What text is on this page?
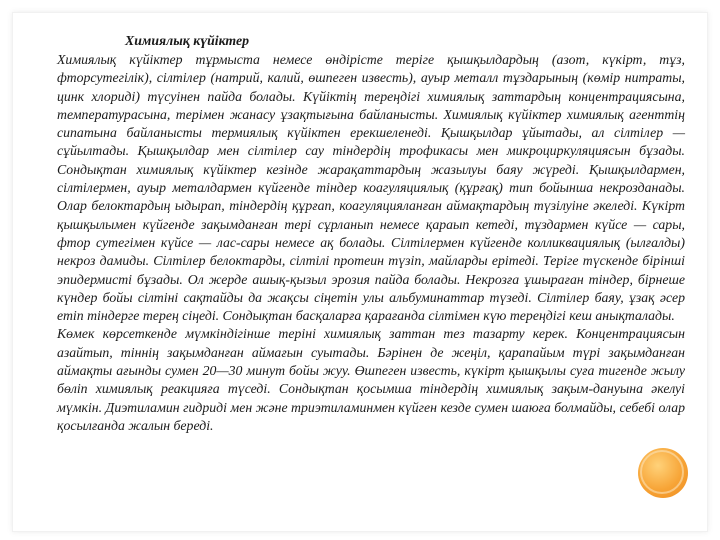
Химиялық күйіктер

Химиялық күйіктер тұрмыста немесе өндірісте теріге қышқылдардың (азот, күкірт, тұз, фторсутегілік), сілтілер (натрий, калий, өшпеген известь), ауыр металл тұздарының (көмір нитраты, цинк хлориді) түсуінен пайда болады. Күйіктің тереңдігі химиялық заттардың концентрациясына, температурасына, терімен жанасу ұзақтығына байланысты. Химиялық күйіктер химиялық агенттің сипатына байланысты термиялық күйіктен ерекшеленеді. Қышқылдар ұйытады, ал сілтілер — сұйылтады. Қышқылдар мен сілтілер сау тіндердің трофикасы мен микроциркуляциясын бұзады. Сондықтан химиялық күйіктер кезінде жарақаттардың жазылуы баяу жүреді. Қышқылдармен, сілтілермен, ауыр металдармен күйгенде тіндер коагуляциялық (құрғақ) тип бойынша некрозданады. Олар белоктардың ыдырап, тіндердің құрғап, коагуляцияланған аймақтардың түзілуіне әкеледі. Күкірт қышқылымен күйгенде зақымданған тері сұрланып немесе қараып кетеді, тұздармен күйсе — сары, фтор сутегімен күйсе — лас-сары немесе ақ болады. Сілтілермен күйгенде колликвациялық (ылғалды) некроз дамиды. Сілтілер белоктарды, сілтілі протеин түзіп, майларды ерітеді. Теріге түскенде бірінші эпидермисті бұзады. Ол жерде ашық-қызыл эрозия пайда болады. Некрозға ұшыраған тіндер, бірнеше күндер бойы сілтіні сақтайды да жақсы сіңетін улы альбуминаттар түзеді. Сілтілер баяу, ұзақ әсер етіп тіндерге терең сіңеді. Сондықтан басқаларға қарағанда сілтімен күю тереңдігі кеш анықталады.

Көмек көрсеткенде мүмкіндігінше теріні химиялық заттан тез тазарту керек. Концентрациясын азайтып, тіннің зақымданған аймағын суытады. Бәрінен де жеңіл, қарапайым түрі зақымданған аймақты ағынды сумен 20—30 минут бойы жуу. Өшпеген известь, күкірт қышқылы суға тигенде жылу бөліп химиялық реакцияға түседі. Сондықтан қосымша тіндердің химиялық зақым-дануына әкелуі мүмкін. Диэтиламин гидриді мен және триэтиламинмен күйген кезде сумен шаюға болмайды, себебі олар қосылғанда жалын береді.
